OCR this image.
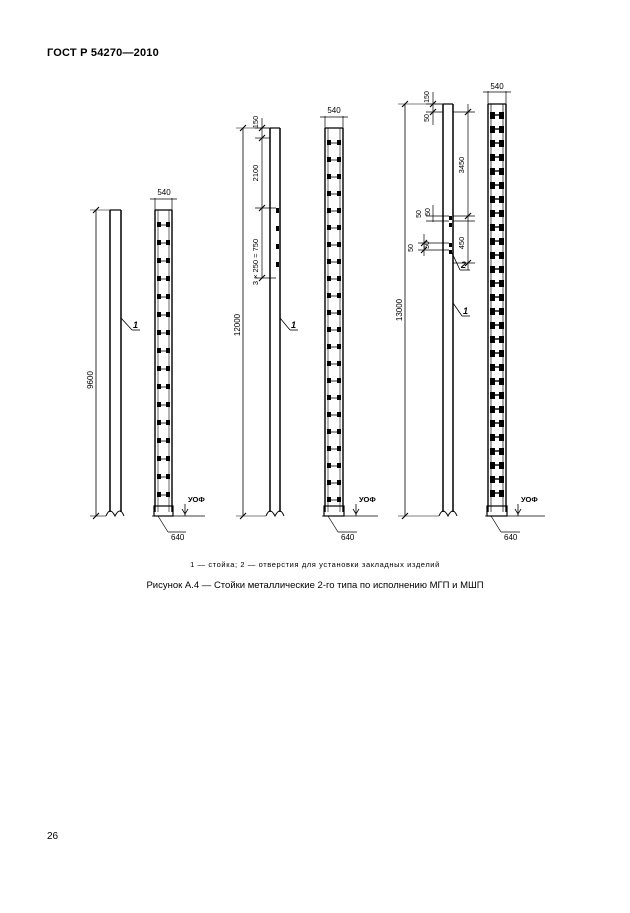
ГОСТ Р 54270—2010
9600
1
540
УОФ
640
12000
150
2100
3 × 250 = 750
1
540
УОФ
640
13000
150
50
50 50
50 50
3450
450
2
1
540
УОФ
640
1 — стойка; 2 — отверстия для установки закладных изделий
Рисунок А.4 — Стойки металлические 2-го типа по исполнению МГП и МШП
26
